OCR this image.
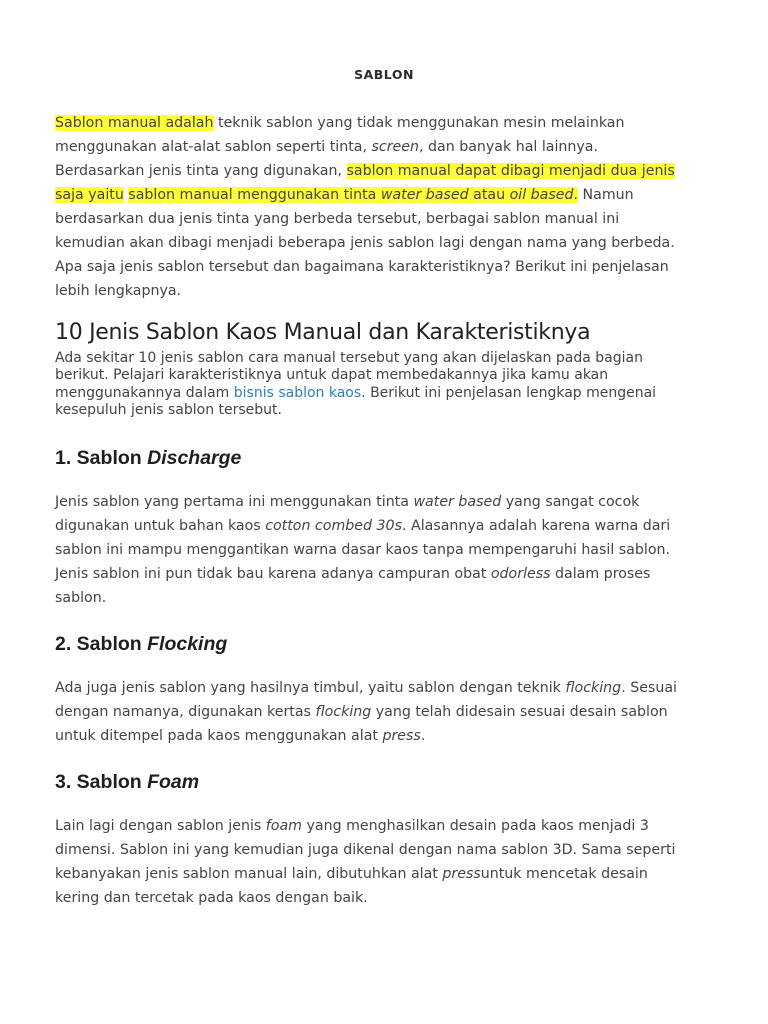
SABLON
Sablon manual adalah teknik sablon yang tidak menggunakan mesin melainkan
menggunakan alat-alat sablon seperti tinta, screen, dan banyak hal lainnya.
Berdasarkan jenis tinta yang digunakan, sablon manual dapat dibagi menjadi dua jenis
saja yaitu sablon manual menggunakan tinta water based atau oil based. Namun
berdasarkan dua jenis tinta yang berbeda tersebut, berbagai sablon manual ini
kemudian akan dibagi menjadi beberapa jenis sablon lagi dengan nama yang berbeda.
Apa saja jenis sablon tersebut dan bagaimana karakteristiknya? Berikut ini penjelasan
lebih lengkapnya.
10 Jenis Sablon Kaos Manual dan Karakteristiknya
Ada sekitar 10 jenis sablon cara manual tersebut yang akan dijelaskan pada bagian
berikut. Pelajari karakteristiknya untuk dapat membedakannya jika kamu akan
menggunakannya dalam bisnis sablon kaos. Berikut ini penjelasan lengkap mengenai
kesepuluh jenis sablon tersebut.
1. Sablon Discharge
Jenis sablon yang pertama ini menggunakan tinta water based yang sangat cocok
digunakan untuk bahan kaos cotton combed 30s. Alasannya adalah karena warna dari
sablon ini mampu menggantikan warna dasar kaos tanpa mempengaruhi hasil sablon.
Jenis sablon ini pun tidak bau karena adanya campuran obat odorless dalam proses
sablon.
2. Sablon Flocking
Ada juga jenis sablon yang hasilnya timbul, yaitu sablon dengan teknik flocking. Sesuai
dengan namanya, digunakan kertas flocking yang telah didesain sesuai desain sablon
untuk ditempel pada kaos menggunakan alat press.
3. Sablon Foam
Lain lagi dengan sablon jenis foam yang menghasilkan desain pada kaos menjadi 3
dimensi. Sablon ini yang kemudian juga dikenal dengan nama sablon 3D. Sama seperti
kebanyakan jenis sablon manual lain, dibutuhkan alat pressuntuk mencetak desain
kering dan tercetak pada kaos dengan baik.
